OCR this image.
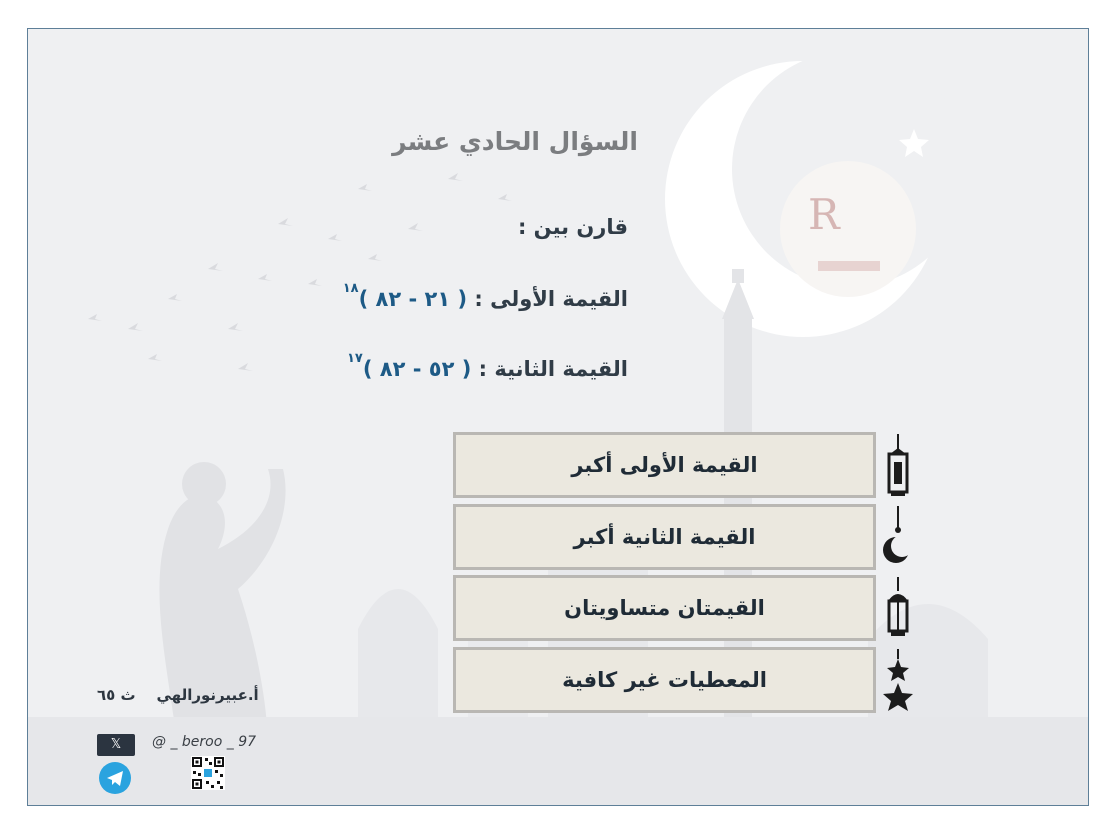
R
السؤال الحادي عشر
قارن بين :
القيمة الأولى : ( ٢١ - ٨٢ )$^{١٨}$
القيمة الثانية : ( ٥٢ - ٨٢ )$^{١٧}$
القيمة الأولى أكبر
القيمة الثانية أكبر
القيمتان متساويتان
المعطيات غير كافية
أ.عبيرنورالهي    ث ٦٥
𝕏	@ _ beroo _ 97
